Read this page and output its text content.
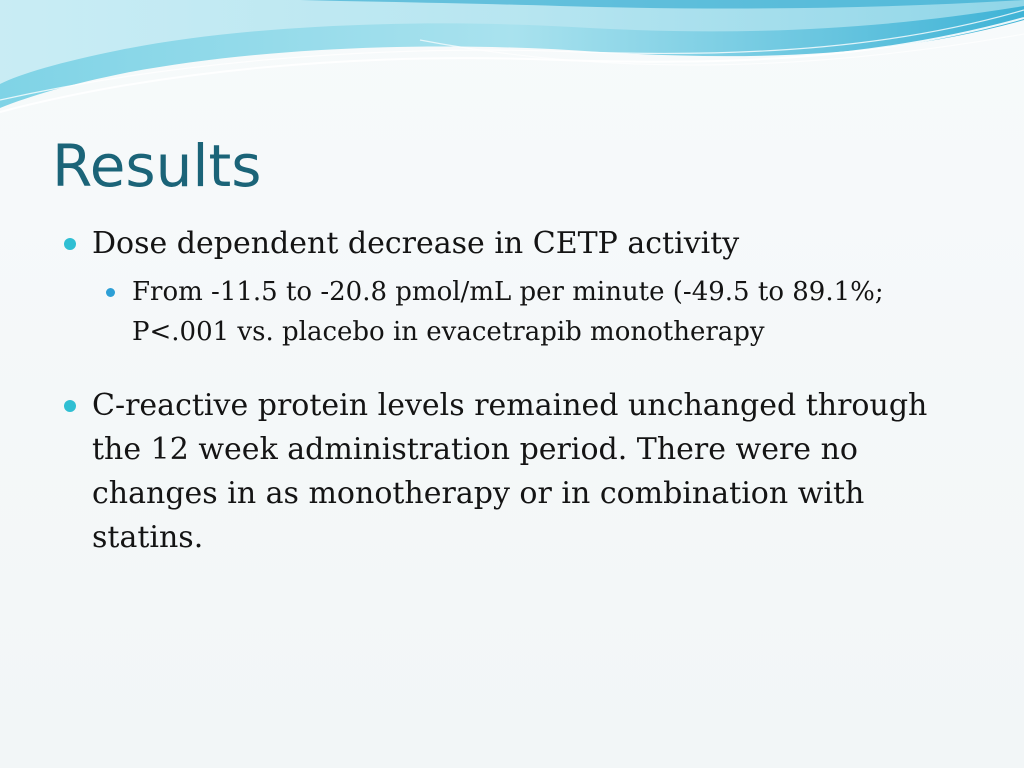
Results
Dose dependent decrease in CETP activity
From -11.5 to -20.8 pmol/mL per minute (-49.5 to 89.1%; P<.001 vs. placebo in evacetrapib monotherapy
C-reactive protein levels remained unchanged through the 12 week administration period. There were no changes in as monotherapy or in combination with statins.
